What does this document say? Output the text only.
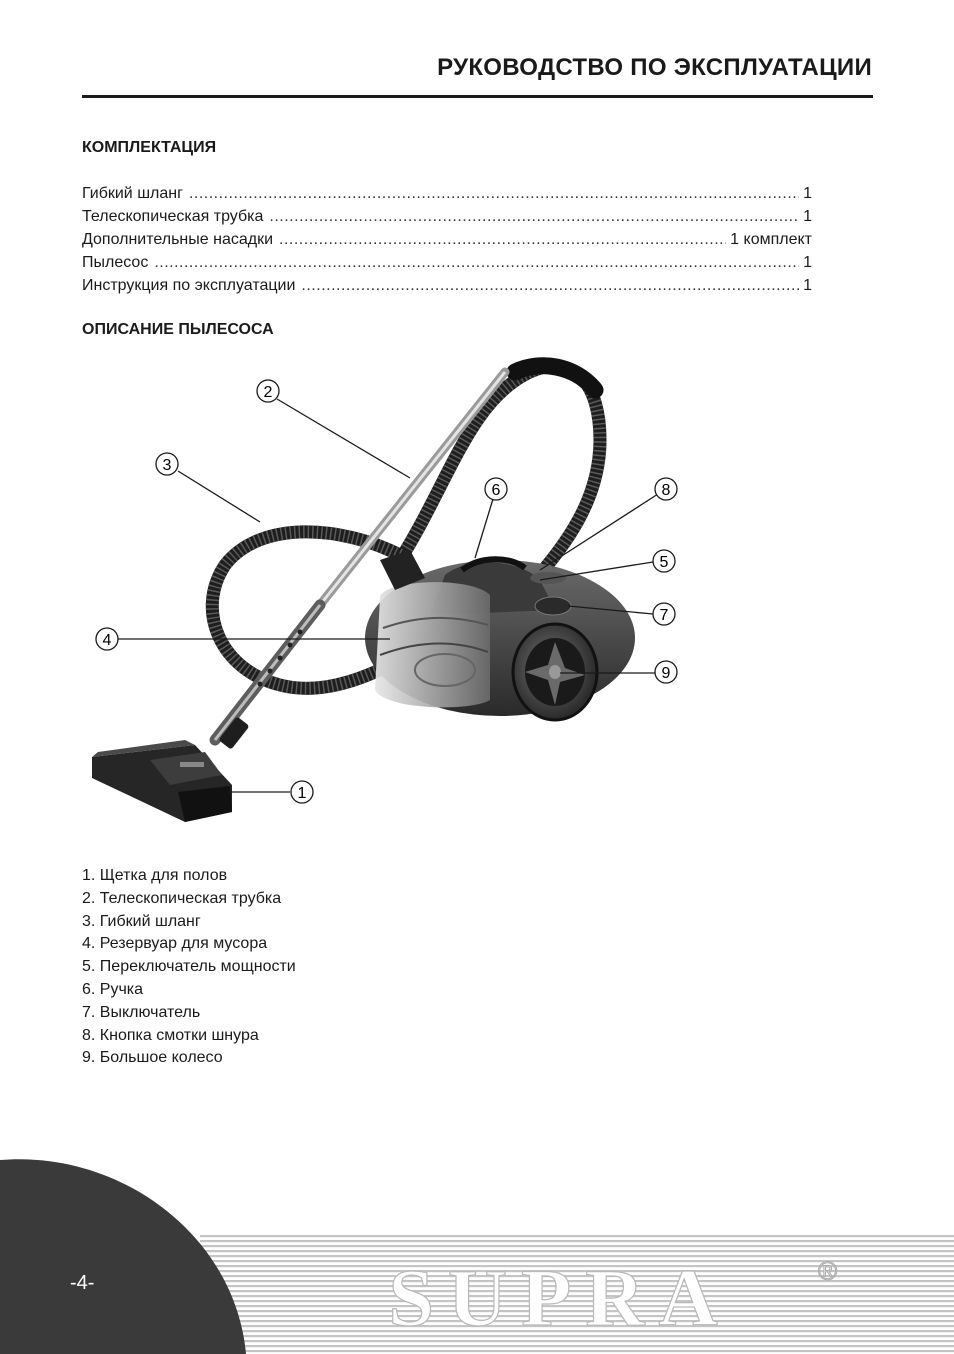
РУКОВОДСТВО ПО ЭКСПЛУАТАЦИИ
КОМПЛЕКТАЦИЯ
Гибкий шланг .....	1
Телескопическая трубка .....	1
Дополнительные насадки .....	1 комплект
Пылесос .....	1
Инструкция по эксплуатации .....	1
ОПИСАНИЕ ПЫЛЕСОСА
1
2
3
4
5
6
7
8
9
1. Щетка для полов
2. Телескопическая трубка
3. Гибкий шланг
4. Резервуар для мусора
5. Переключатель мощности
6. Ручка
7. Выключатель
8. Кнопка смотки шнура
9. Большое колесо
SUPRA	®
-4-
